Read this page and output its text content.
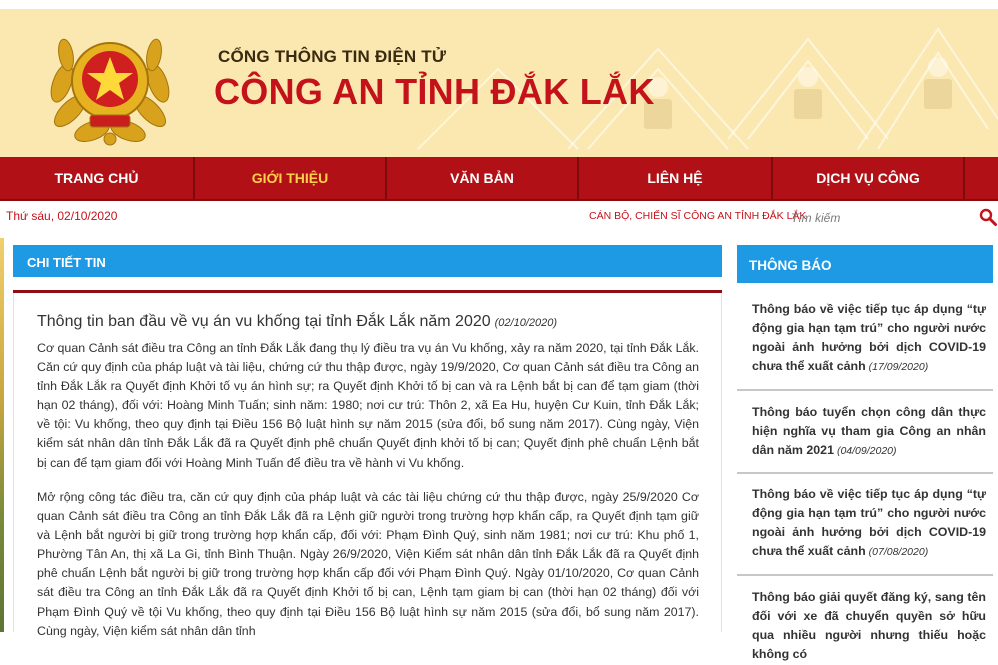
CỔNG THÔNG TIN ĐIỆN TỬ
CÔNG AN TỈNH ĐẮK LẮK
TRANG CHỦ	GIỚI THIỆU	VĂN BẢN	LIÊN HỆ	DỊCH VỤ CÔNG
Thứ sáu, 02/10/2020	CÁN BỘ, CHIẾN SĨ CÔNG AN TỈNH ĐẮK LẮK
Tìm kiếm
CHI TIẾT TIN
Thông tin ban đầu về vụ án vu khống tại tỉnh Đắk Lắk năm 2020 (02/10/2020)
Cơ quan Cảnh sát điều tra Công an tỉnh Đắk Lắk đang thụ lý điều tra vụ án Vu khống, xảy ra năm 2020, tại tỉnh Đắk Lắk. Căn cứ quy định của pháp luật và tài liệu, chứng cứ thu thập được, ngày 19/9/2020, Cơ quan Cảnh sát điều tra Công an tỉnh Đắk Lắk ra Quyết định Khởi tố vụ án hình sự; ra Quyết định Khởi tố bị can và ra Lệnh bắt bị can để tạm giam (thời hạn 02 tháng), đối với: Hoàng Minh Tuấn; sinh năm: 1980; nơi cư trú: Thôn 2, xã Ea Hu, huyện Cư Kuin, tỉnh Đắk Lắk; về tội: Vu khống, theo quy định tại Điều 156 Bộ luật hình sự năm 2015 (sửa đổi, bổ sung năm 2017). Cùng ngày, Viện kiểm sát nhân dân tỉnh Đắk Lắk đã ra Quyết định phê chuẩn Quyết định khởi tố bị can; Quyết định phê chuẩn Lệnh bắt bị can để tạm giam đối với Hoàng Minh Tuấn để điều tra về hành vi Vu khống.
Mở rộng công tác điều tra, căn cứ quy định của pháp luật và các tài liệu chứng cứ thu thập được, ngày 25/9/2020 Cơ quan Cảnh sát điều tra Công an tỉnh Đắk Lắk đã ra Lệnh giữ người trong trường hợp khẩn cấp, ra Quyết định tạm giữ và Lệnh bắt người bị giữ trong trường hợp khẩn cấp, đối với: Phạm Đình Quý, sinh năm 1981; nơi cư trú: Khu phố 1, Phường Tân An, thị xã La Gi, tỉnh Bình Thuận. Ngày 26/9/2020, Viện Kiểm sát nhân dân tỉnh Đắk Lắk đã ra Quyết định phê chuẩn Lệnh bắt người bị giữ trong trường hợp khẩn cấp đối với Phạm Đình Quý. Ngày 01/10/2020, Cơ quan Cảnh sát điều tra Công an tỉnh Đắk Lắk đã ra Quyết định Khởi tố bị can, Lệnh tạm giam bị can (thời hạn 02 tháng) đối với Phạm Đình Quý về tội Vu khống, theo quy định tại Điều 156 Bộ luật hình sự năm 2015 (sửa đổi, bổ sung năm 2017). Cùng ngày, Viện kiểm sát nhân dân tỉnh
THÔNG BÁO
Thông báo về việc tiếp tục áp dụng “tự động gia hạn tạm trú” cho người nước ngoài ảnh hưởng bởi dịch COVID-19 chưa thể xuất cảnh (17/09/2020)
Thông báo tuyển chọn công dân thực hiện nghĩa vụ tham gia Công an nhân dân năm 2021 (04/09/2020)
Thông báo về việc tiếp tục áp dụng “tự động gia hạn tạm trú” cho người nước ngoài ảnh hưởng bởi dịch COVID-19 chưa thể xuất cảnh (07/08/2020)
Thông báo giải quyết đăng ký, sang tên đối với xe đã chuyển quyền sở hữu qua nhiều người nhưng thiếu hoặc không có
